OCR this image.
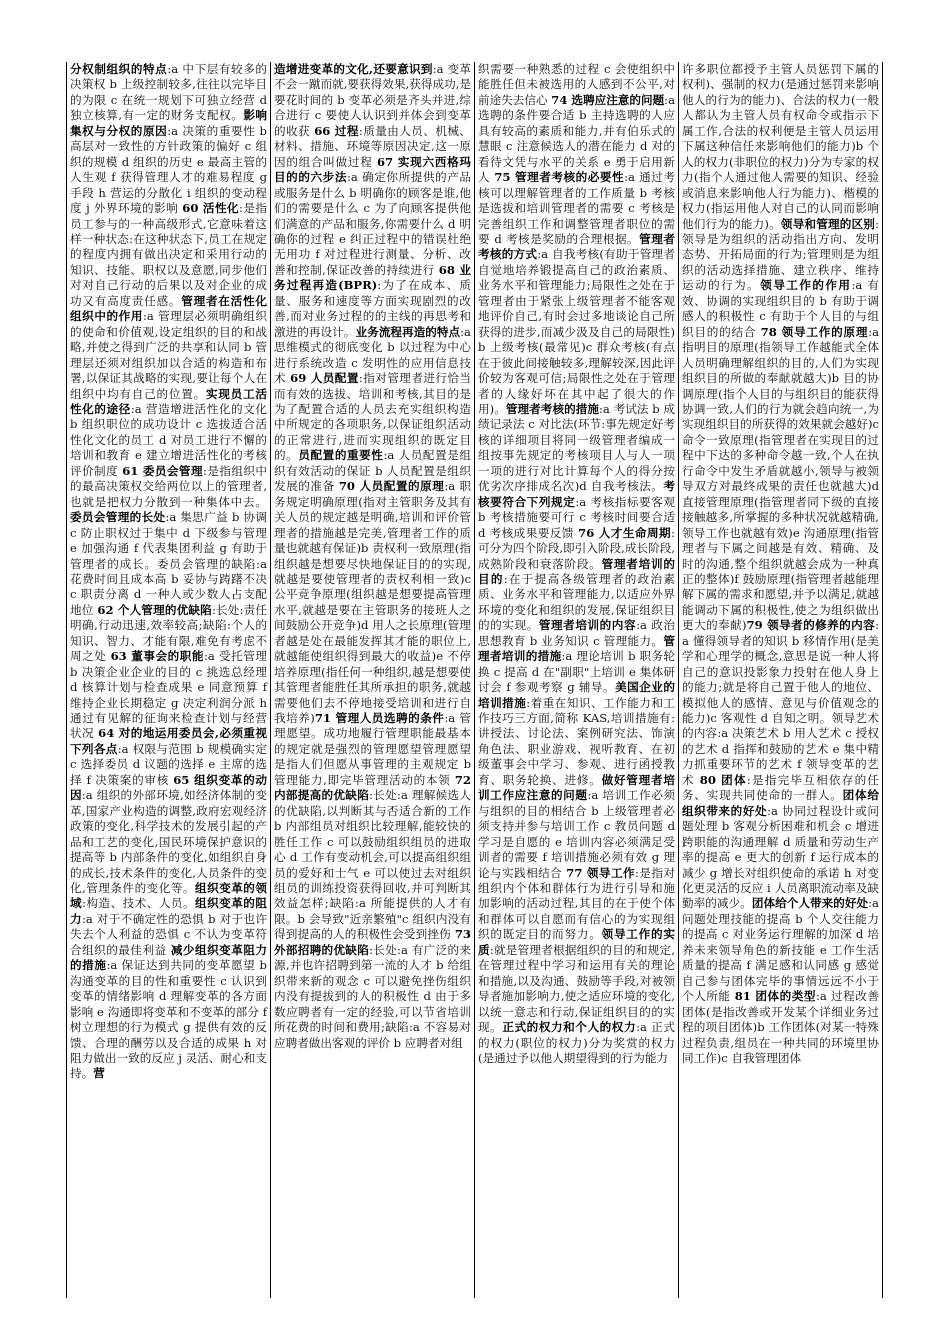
分权制组织的特点:a 中下层有较多的决策权 b 上级控制较多,往往以完毕目的为限 c 在统一规划下可独立经营 d 独立核算,有一定的财务支配权。影响集权与分权的原因:a 决策的重要性 b 高层对一致性的方针政策的偏好 c 组织的规模 d 组织的历史 e 最高主管的人生观 f 获得管理人才的难易程度 g 手段 h 营运的分散化 i 组织的变动程度 j 外界环境的影响 60 活性化:是指员工参与的一种高级形式,它意味着这样一种状态:在这种状态下,员工在规定的程度内拥有做出决定和采用行动的知识、技能、职权以及意愿,同步他们对对自己行动的后果以及对企业的成功又有高度责任感。管理者在活性化组织中的作用:a 管理层必须明确组织的使命和价值观,设定组织的目的和战略,并使之得到广泛的共享和认同 b 管理层还须对组织加以合适的构造和布署,以保证其战略的实现,要让每个人在组织中均有自己的位置。实现员工活性化的途径:a 营造增进活性化的文化 b 组织职位的成功设计 c 选拔适合活性化文化的员工 d 对员工进行不懈的培训和教育 e 建立增进活性化的考核评价制度 61 委员会管理:是指组织中的最高决策权交给两位以上的管理者,也就是把权力分散到一种集体中去。委员会管理的长处:a 集思广益 b 协调 c 防止职权过于集中 d 下级参与管理 e 加强沟通 f 代表集团利益 g 有助于管理者的成长。委员会管理的缺陷:a 花费时间且成本高 b 妥协与踌躇不决 c 职责分离 d 一种人或少数人占支配地位 62 个人管理的优缺陷:长处:责任明确,行动迅速,效率较高;缺陷:个人的知识、智力、才能有限,难免有考虑不周之处 63 董事会的职能:a 受托管理 b 决策企业企业的目的 c 挑选总经理 d 核算计划与检查成果 e 同意预算 f 维持企业长期稳定 g 决定利润分派 h 通过有见解的征询来检查计划与经营状况 64 对的地运用委员会,必须重视下列各点:a 权限与范围 b 规模确实定 c 选择委员 d 议题的选择 e 主席的选择 f 决策案的审核 65 组织变革的动因:a 组织的外部环境,如经济体制的变革,国家产业构造的调整,政府宏观经济政策的变化,科学技术的发展引起的产品和工艺的变化,国民环境保护意识的提高等 b 内部条件的变化,如组织自身的成长,技术条件的变化,人员条件的变化,管理条件的变化等。组织变革的领域:构造、技术、人员。组织变革的阻力:a 对于不确定性的恐惧 b 对于也许失去个人利益的恐惧 c 不认为变革符合组织的最佳利益 减少组织变革阻力的措施:a 保证达到共同的变革愿望 b 沟通变革的目的性和重要性 c 认识到变革的情绪影响 d 理解变革的各方面影响 e 沟通即将变革和不变革的部分 f 树立理想的行为模式 g 提供有效的反馈、合理的酬劳以及合适的成果 h 对阻力做出一致的反应 j 灵活、耐心和支持。营
造增进变革的文化,还要意识到:a 变革不会一蹴而就,要获得效果,获得成功,是要花时间的 b 变革必须是齐头并进,综合进行 c 要使人认识到并体会到变革的收获 66 过程:质量由人员、机械、材料、措施、环境等原因决定,这一原因的组合叫做过程 67 实现六西格玛目的的六步法:a 确定你所提供的产品或服务是什么 b 明确你的顾客是谁,他们的需要是什么 c 为了向顾客提供他们满意的产品和服务,你需要什么 d 明确你的过程 e 纠正过程中的错误杜绝无用功 f 对过程进行测量、分析、改善和控制,保证改善的持续进行 68 业务过程再造(BPR):为了在成本、质量、服务和速度等方面实现剧烈的改善,而对业务过程的的主线的再思考和激进的再设计。业务流程再造的特点:a 思维模式的彻底变化 b 以过程为中心进行系统改造 c 发明性的应用信息技术 69 人员配置:指对管理者进行恰当而有效的选拔、培训和考核,其目的是为了配置合适的人员去充实组织构造中所规定的各项职务,以保证组织活动的正常进行,进而实现组织的既定目的。员配置的重要性:a 人员配置是组织有效活动的保证 b 人员配置是组织发展的准备 70 人员配置的原理:a 职务规定明确原理(指对主管职务及其有关人员的规定越是明确,培训和评价管理者的措施越是完美,管理者工作的质量也就越有保证)b 责权利一致原理(指组织越是想要尽快地保证目的的实现,就越是要使管理者的责权利相一致)c 公平竞争原理(组织越是想要提高管理水平,就越是要在主管职务的接班人之间鼓励公开竞争)d 用人之长原理(管理者越是处在最能发挥其才能的职位上,就越能使组织得到最大的收益)e 不停培养原理(指任何一种组织,越是想要使其管理者能胜任其所承担的职务,就越需要他们去不停地接受培训和进行自我培养)71 管理人员选聘的条件:a 管理愿望。成功地履行管理职能最基本的规定就是强烈的管理愿望管理愿望是指人们但愿从事管理的主观规定 b 管理能力,即完毕管理活动的本领 72 内部提高的优缺陷:长处:a 理解候选人的优缺陷,以判断其与否适合新的工作 b 内部组员对组织比较理解,能较快的胜任工作 c 可以鼓励组织组员的进取心 d 工作有变动机会,可以提高组织组员的爱好和士气 e 可以使过去对组织组员的训练投资获得回收,并可判断其效益怎样;缺陷:a 所能提供的人才有限。b 会导致"近亲繁殖"c 组织内没有得到提高的人的积极性会受到挫伤 73 外部招聘的优缺陷:长处:a 有广泛的来源,并也许招聘到第一流的人才 b 给组织带来新的观念 c 可以避免挫伤组织内没有提拔到的人的积极性 d 由于多数应聘者有一定的经验,可以节省培训所花费的时间和费用;缺陷:a 不容易对应聘者做出客观的评价 b 应聘者对组
织需要一种熟悉的过程 c 会使组织中能胜任但未被选用的人感到不公平,对前途失去信心 74 选聘应注意的问题:a 选聘的条件要合适 b 主持选聘的人应具有较高的素质和能力,并有伯乐式的慧眼 c 注意候选人的潜在能力 d 对的看待文凭与水平的关系 e 勇于启用新人 75 管理者考核的必要性:a 通过考核可以理解管理者的工作质量 b 考核是选拔和培训管理者的需要 c 考核是完善组织工作和调整管理者职位的需要 d 考核是奖励的合理根据。管理者考核的方式:a 自我考核(有助于管理者自觉地培养锻提高自己的政治素质、业务水平和管理能力;局限性之处在于管理者由于紧张上级管理者不能客观地评价自己,有时会过多地谈论自己所获得的进步,而减少汲及自己的局限性)b 上级考核(最常见)c 群众考核(有点在于彼此间接触较多,理解较深,因此评价较为客观可信;局限性之处在于管理者的人缘好坏在其中起了很大的作用)。管理者考核的措施:a 考试法 b 成绩记录法 c 对比法(环节:事先规定好考核的详细项目将同一级管理者编成一组按事先规定的考核项目人与人一项一项的进行对比计算每个人的得分按优劣次序排成名次)d 自我考核法。考核要符合下列规定:a 考核指标要客观 b 考核措施要可行 c 考核时间要合适 d 考核成果要反馈 76 人才生命周期:可分为四个阶段,即引入阶段,成长阶段,成熟阶段和衰落阶段。管理者培训的目的:在于提高各级管理者的政治素质、业务水平和管理能力,以适应外界环境的变化和组织的发展,保证组织目的的实现。管理者培训的内容:a 政治思想教育 b 业务知识 c 管理能力。管理者培训的措施:a 理论培训 b 职务轮换 c 提高 d 在"副职"上培训 e 集体研讨会 f 参观考察 g 辅导。美国企业的培训措施:着重在知识、工作能力和工作技巧三方面,简称 KAS,培训措施有:讲授法、讨论法、案例研究法、饰演角色法、职业游戏、视听教育、在初级董事会中学习、参观、进行函授教育、职务轮换、进修。做好管理者培训工作应注意的问题:a 培训工作必须与组织的目的相结合 b 上级管理者必须支持并参与培训工作 c 教员问题 d 学习是自愿的 e 培训内容必须满足受训者的需要 f 培训措施必须有效 g 理论与实践相结合 77 领导工作:是指对组织内个体和群体行为进行引导和施加影响的活动过程,其目的在于使个体和群体可以自愿而有信心的为实现组织的既定目的而努力。领导工作的实质:就是管理者根据组织的目的和规定,在管理过程中学习和运用有关的理论和措施,以及沟通、鼓励等手段,对被领导者施加影响力,使之适应环境的变化,以统一意志和行动,保证组织目的的实现。正式的权力和个人的权力:a 正式的权力(职位的权力)分为奖赏的权力(是通过予以他人期望得到的行为能力
许多职位都授予主管人员惩罚下属的权利)、强制的权力(是通过惩罚来影响他人的行为的能力)、合法的权力(一般人都认为主管人员有权命令或指示下属工作,合法的权利便是主管人员运用下属这种信任来影响他们的能力)b 个人的权力(非职位的权力)分为专家的权力(指个人通过他人需要的知识、经验或消息来影响他人行为能力)、楷模的权力(指运用他人对自己的认同而影响他们行为的能力)。领导和管理的区别:领导是为组织的活动指出方向、发明态势、开拓局面的行为;管理则是为组织的活动选择措施、建立秩序、维持运动的行为。领导工作的作用:a 有效、协调的实现组织目的 b 有助于调感人的积极性 c 有助于个人目的与组织目的的结合 78 领导工作的原理:a 指明目的原理(指领导工作越能式全体人员明确理解组织的目的,人们为实现组织目的所做的奉献就越大)b 目的协调原理(指个人目的与组织目的能获得协调一致,人们的行为就会趋向统一,为实现组织目的所获得的效果就会越好)c 命令一致原理(指管理者在实现目的过程中下达的多种命令越一致,个人在执行命令中发生矛盾就越小,领导与被领导双方对最终成果的责任也就越大)d 直接管理原理(指管理者同下级的直接接触越多,所掌握的多种状况就越精确,领导工作也就越有效)e 沟通原理(指管理者与下属之间越是有效、精确、及时的沟通,整个组织就越会成为一种真正的整体)f 鼓励原理(指管理者越能理解下属的需求和愿望,并予以满足,就越能调动下属的积极性,使之为组织做出更大的奉献)79 领导者的修养的内容:a 懂得领导者的知识 b 移情作用(是美学和心理学的概念,意思是说一种人将自己的意识投影象力投射在他人身上的能力;就是将自己置于他人的地位、模拟他人的感情、意见与价值观念的能力)c 客观性 d 自知之明。领导艺术的内容:a 决策艺术 b 用人艺术 c 授权的艺术 d 指挥和鼓励的艺术 e 集中精力抓重要环节的艺术 f 领导变革的艺术 80 团体:是指完毕互相依存的任务、实现共同使命的一群人。团体给组织带来的好处:a 协同过程设计或问题处理 b 客观分析困难和机会 c 增进跨职能的沟通理解 d 质量和劳动生产率的提高 e 更大的创新 f 运行成本的减少 g 增长对组织使命的承诺 h 对变化更灵活的反应 i 人员离职流动率及缺勤率的减少。团体给个人带来的好处:a 问题处理技能的提高 b 个人交往能力的提高 c 对业务运行理解的加深 d 培养未来领导角色的新技能 e 工作生活质量的提高 f 满足感和认同感 g 感觉自己参与团体完毕的事情远远不小于个人所能 81 团体的类型:a 过程改善团体(是指改善或开发某个详细业务过程的项目团体)b 工作团体(对某一特殊过程负责,组员在一种共同的环境里协同工作)c 自我管理团体
